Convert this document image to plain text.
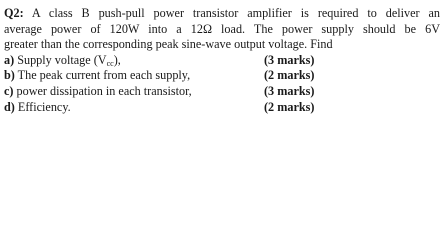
Q2: A class B push-pull power transistor amplifier is required to deliver an
average power of 120W into a 12Ω load. The power supply should be 6V
greater than the corresponding peak sine-wave output voltage. Find
a) Supply voltage $(V_{cc})$,	(3 marks)
b) The peak current from each supply,	(2 marks)
c) power dissipation in each transistor,	(3 marks)
d) Efficiency.	(2 marks)
